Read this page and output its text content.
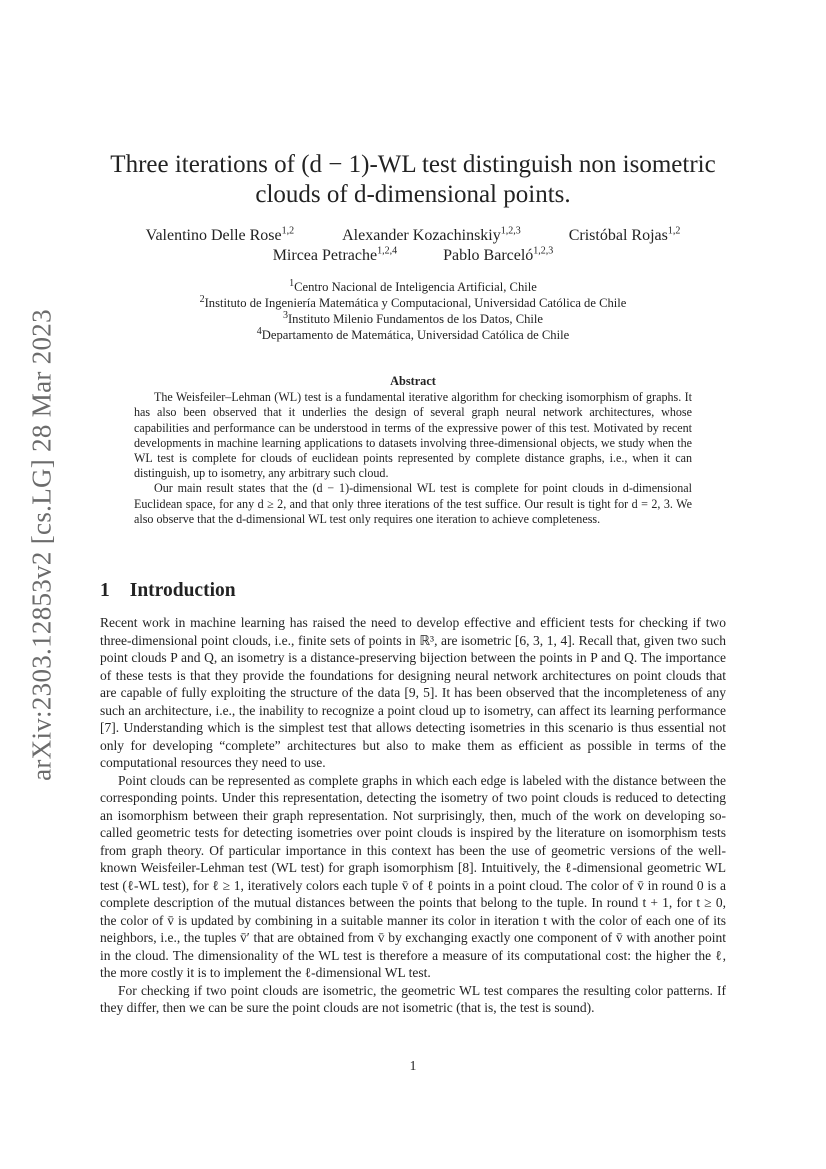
arXiv:2303.12853v2 [cs.LG] 28 Mar 2023
Three iterations of (d − 1)-WL test distinguish non isometric
clouds of d-dimensional points.
Valentino Delle Rose$^{1,2}$	Alexander Kozachinskiy$^{1,2,3}$	Cristóbal Rojas$^{1,2}$
Mircea Petrache$^{1,2,4}$	Pablo Barceló$^{1,2,3}$
$^1$Centro Nacional de Inteligencia Artificial, Chile
$^2$Instituto de Ingeniería Matemática y Computacional, Universidad Católica de Chile
$^3$Instituto Milenio Fundamentos de los Datos, Chile
$^4$Departamento de Matemática, Universidad Católica de Chile
Abstract

The Weisfeiler–Lehman (WL) test is a fundamental iterative algorithm for checking isomorphism of graphs. It has also been observed that it underlies the design of several graph neural network architectures, whose capabilities and performance can be understood in terms of the expressive power of this test. Motivated by recent developments in machine learning applications to datasets involving three-dimensional objects, we study when the WL test is complete for clouds of euclidean points represented by complete distance graphs, i.e., when it can distinguish, up to isometry, any arbitrary such cloud.

Our main result states that the (d − 1)-dimensional WL test is complete for point clouds in d-dimensional Euclidean space, for any d ≥ 2, and that only three iterations of the test suffice. Our result is tight for d = 2, 3. We also observe that the d-dimensional WL test only requires one iteration to achieve completeness.

1 Introduction

Recent work in machine learning has raised the need to develop effective and efficient tests for checking if two three-dimensional point clouds, i.e., finite sets of points in ℝ³, are isometric [6, 3, 1, 4]. Recall that, given two such point clouds P and Q, an isometry is a distance-preserving bijection between the points in P and Q. The importance of these tests is that they provide the foundations for designing neural network architectures on point clouds that are capable of fully exploiting the structure of the data [9, 5]. It has been observed that the incompleteness of any such an architecture, i.e., the inability to recognize a point cloud up to isometry, can affect its learning performance [7]. Understanding which is the simplest test that allows detecting isometries in this scenario is thus essential not only for developing “complete” architectures but also to make them as efficient as possible in terms of the computational resources they need to use.

Point clouds can be represented as complete graphs in which each edge is labeled with the distance between the corresponding points. Under this representation, detecting the isometry of two point clouds is reduced to detecting an isomorphism between their graph representation. Not surprisingly, then, much of the work on developing so-called geometric tests for detecting isometries over point clouds is inspired by the literature on isomorphism tests from graph theory. Of particular importance in this context has been the use of geometric versions of the well-known Weisfeiler-Lehman test (WL test) for graph isomorphism [8]. Intuitively, the ℓ-dimensional geometric WL test (ℓ-WL test), for ℓ ≥ 1, iteratively colors each tuple v̄ of ℓ points in a point cloud. The color of v̄ in round 0 is a complete description of the mutual distances between the points that belong to the tuple. In round t + 1, for t ≥ 0, the color of v̄ is updated by combining in a suitable manner its color in iteration t with the color of each one of its neighbors, i.e., the tuples v̄′ that are obtained from v̄ by exchanging exactly one component of v̄ with another point in the cloud. The dimensionality of the WL test is therefore a measure of its computational cost: the higher the ℓ, the more costly it is to implement the ℓ-dimensional WL test.

For checking if two point clouds are isometric, the geometric WL test compares the resulting color patterns. If they differ, then we can be sure the point clouds are not isometric (that is, the test is sound).

1
